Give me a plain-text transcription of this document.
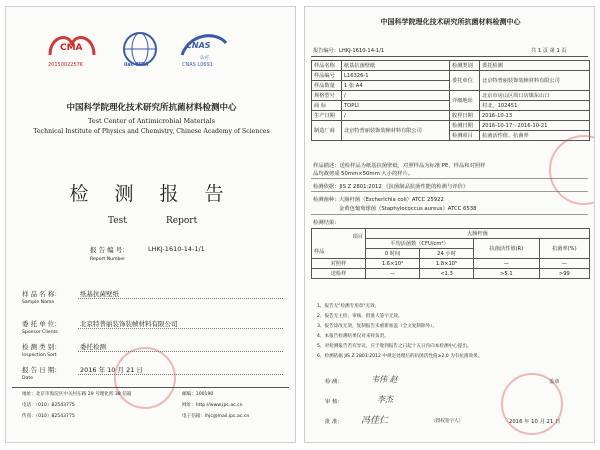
CMA
2015002257K	ilac-MRA
CNAS
认可
CNAS L0691
中国科学院理化技术研究所抗菌材料检测中心
Test Center of Antimicrobial Materials
Technical Institute of Physics and Chemistry, Chinese Academy of Sciences
检 测 报 告
Test	Report
报 告 编 号：	LHKJ-1610-14-1/1
Report Number
样 品 名 称：	纸基抗菌壁纸
Sample Name
委 托 单 位：	北京特普丽装饰装帧材料有限公司
Sponsor Clients
检 测 类 别：	委托检测
Inspection Sort
报 告 日 期：	2016 年 10 月 21 日
Date
地址：北京市海淀区中关村东路 29 号理化所 38 信箱	邮编：100190
电话：（010）82543775	网址：http://www.ipc.ac.cn
传真：（010）82543775	电子信箱：lhjc@mail.ipc.ac.cn
中国科学院理化技术研究所抗菌材料检测中心
报告编号：LHKJ-1610-14-1/1	共 1 页 第 1 页
样品名称	纸基抗菌壁纸	检测类别	委托检测
样品编号	L16326-1	委托单位	北京特普丽装饰装帧材料有限公司
样品数量	1 张 A4		
规格型号	/	详细地址	北京市房山区周口店镇东山口
商 标	TOPLI		村北，102451
生产日期	/	收样日期	2016-10-13
制造厂商	北京特普丽装饰装帧材料有限公司	检测日期	2016-10-17～2016-10-21
		检测项目	抗菌活性值、抗菌率
样品描述：送检样品为纸基抗菌壁纸，对照样品为标准 PE，样品和对照样
品均裁剪成 50mm×50mm 大小的样片。
检测依据：JIS Z 2801:2012 《抗菌制品抗菌性能的检测与评价》
检测菌种： 大肠杆菌（Escherichia coli）ATCC 25922
金黄色葡萄球菌（Staphylococcus aureus）ATCC 6538
检测结果：
项目
样品	大肠杆菌			
	平均活菌数（CFU/cm²）		抗菌活性值(R)	抗菌率(%)
	0 时间	24 小时		
对照样	1.6×10⁴	1.8×10⁵	—	—
送检样	—	<1.3	>5.1	>99
1、报告无"检测专用章"无效。
2、报告无主检、审核、批准人签字无效。
3、报告涂改无效，复制报告未重新加盖（全文复制除外）。
4、本报告检测结果仅对来样负责。
5、对检测报告若有异议，应于收到报告之日起十五日内向本检测中心提出。
6、检测依据 JIS Z 2801:2012 中规定处理后的抗菌活性值≥2.0 为有抗菌效果。
检 测：	韦伟 赵
审 核：	李杰
批 准： 冯佳仁	（授权签字人）
盖章
2016 年 10 月 21 日
